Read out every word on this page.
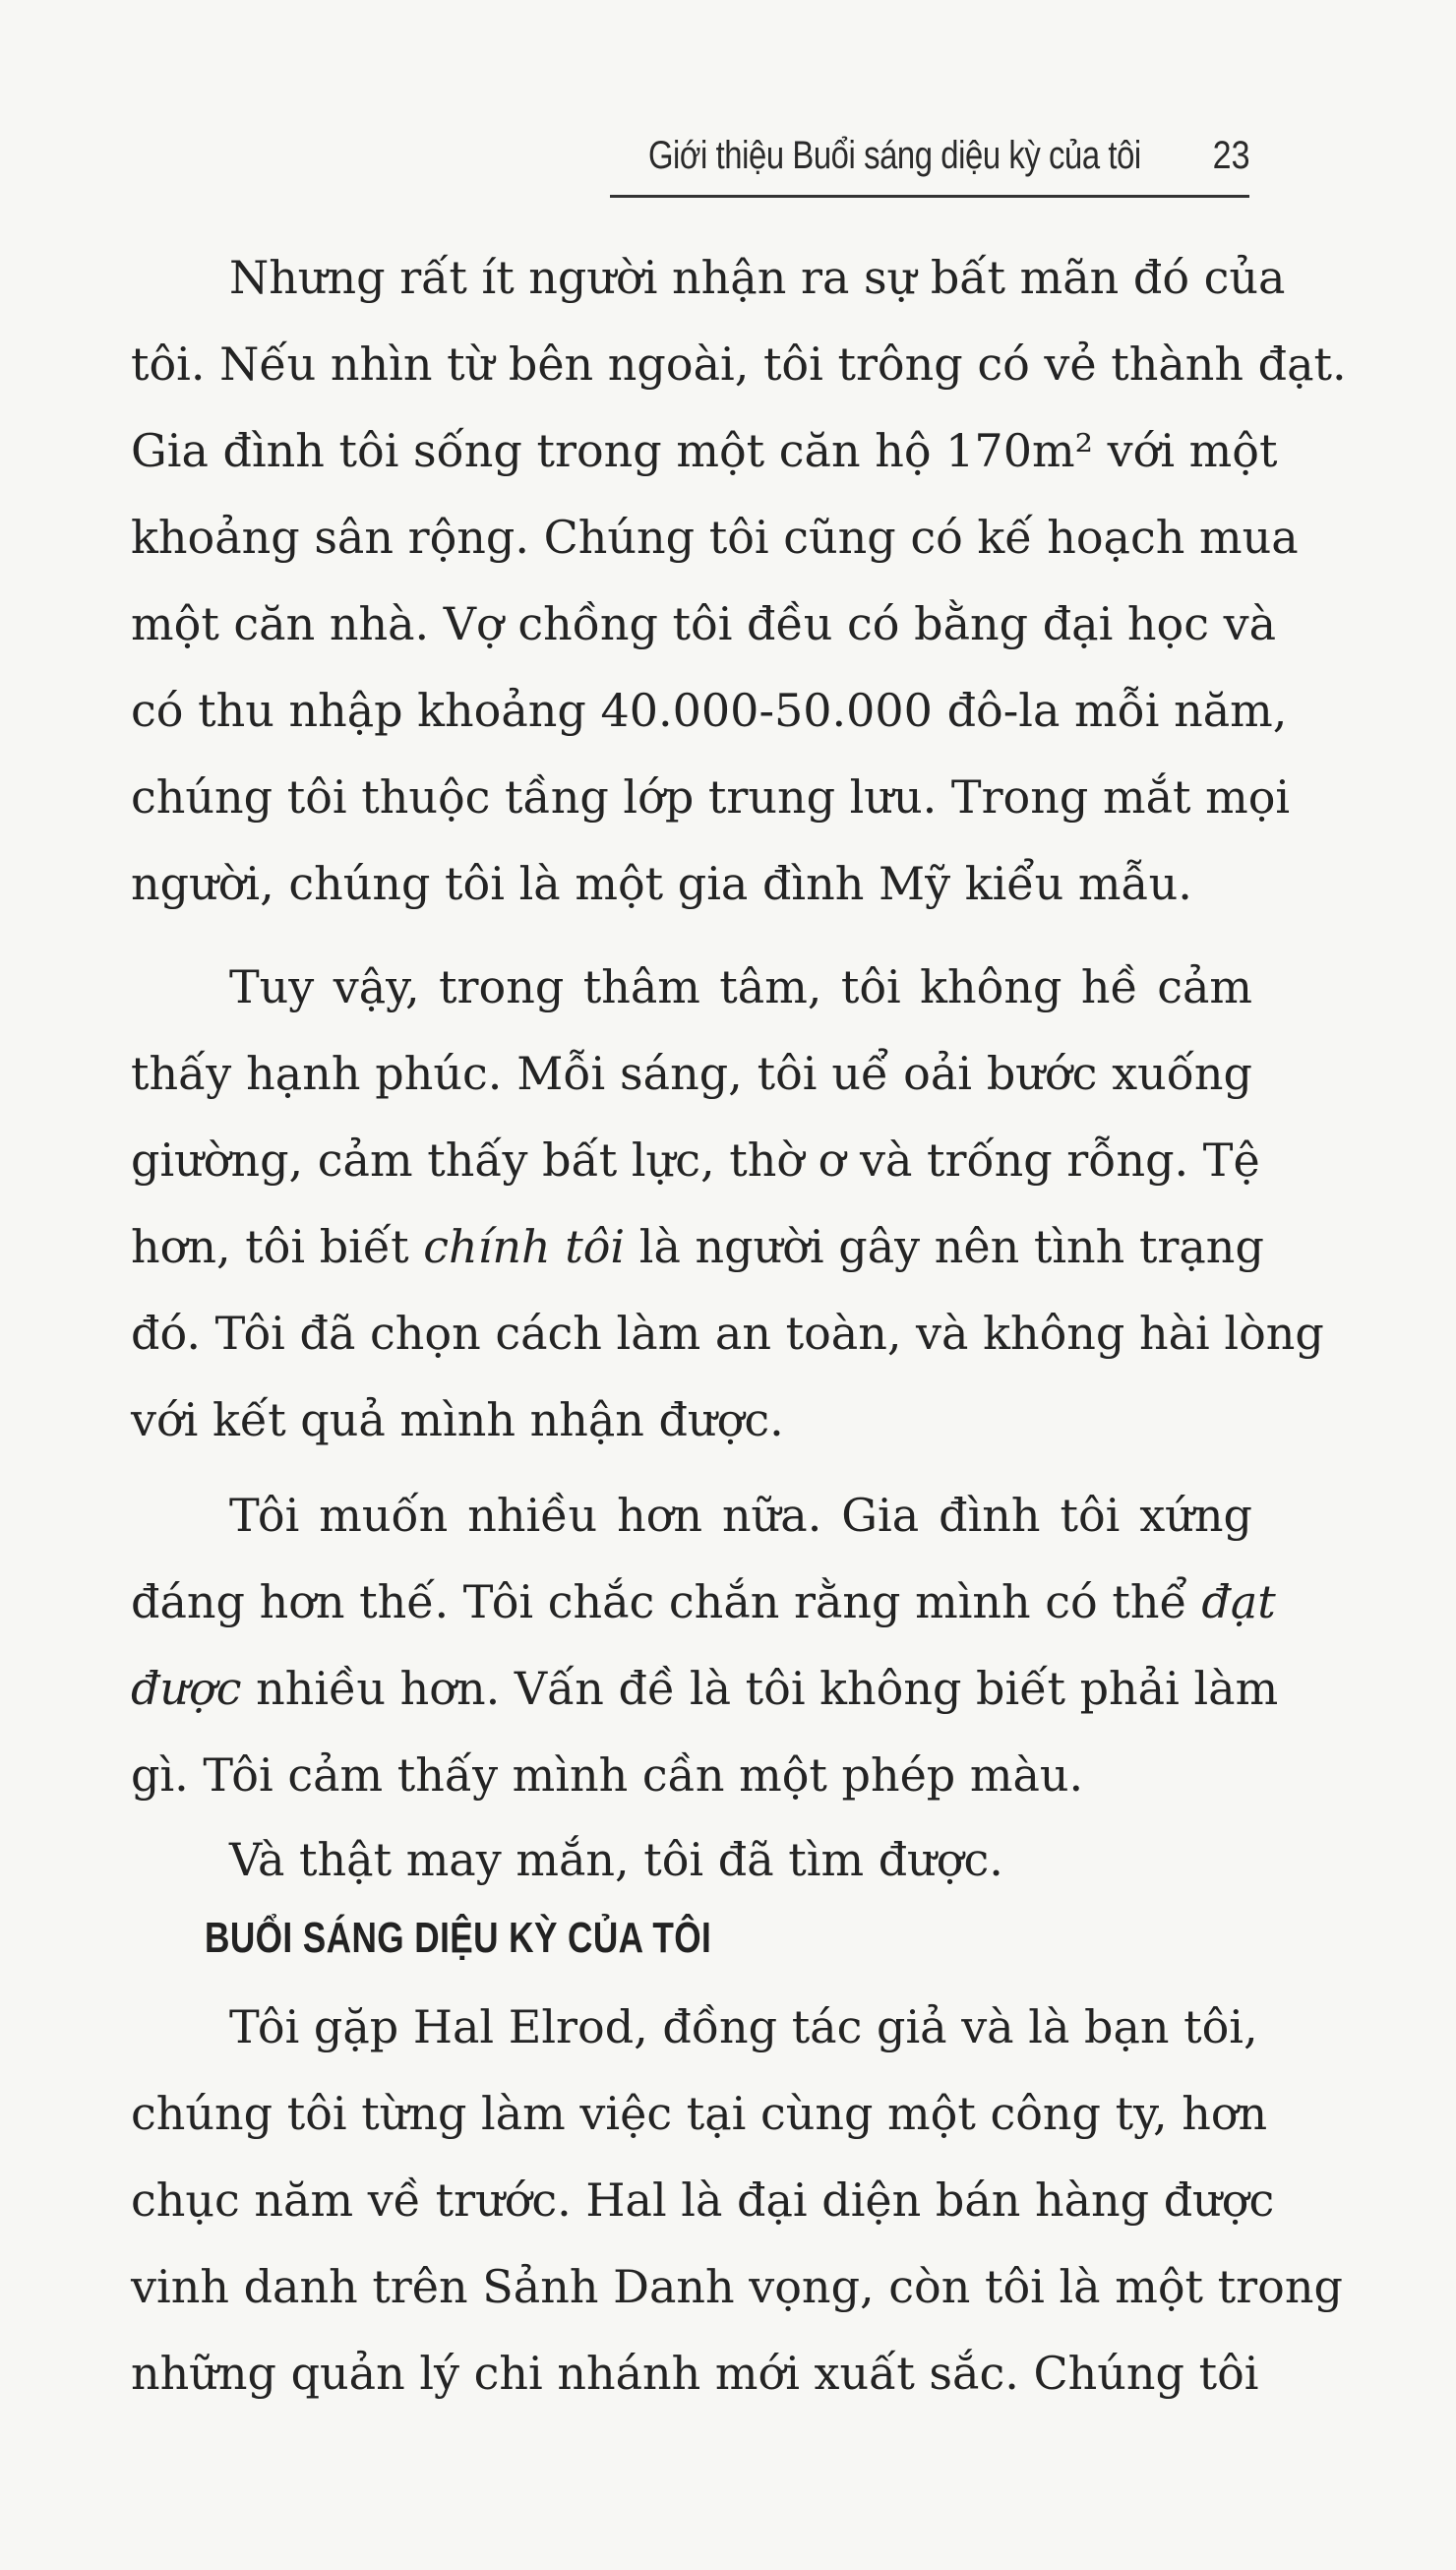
Giới thiệu Buổi sáng diệu kỳ của tôi 23
Nhưng rất ít người nhận ra sự bất mãn đó của
tôi. Nếu nhìn từ bên ngoài, tôi trông có vẻ thành đạt.
Gia đình tôi sống trong một căn hộ 170m² với một
khoảng sân rộng. Chúng tôi cũng có kế hoạch mua
một căn nhà. Vợ chồng tôi đều có bằng đại học và
có thu nhập khoảng 40.000-50.000 đô-la mỗi năm,
chúng tôi thuộc tầng lớp trung lưu. Trong mắt mọi
người, chúng tôi là một gia đình Mỹ kiểu mẫu.
Tuy vậy, trong thâm tâm, tôi không hề cảm
thấy hạnh phúc. Mỗi sáng, tôi uể oải bước xuống
giường, cảm thấy bất lực, thờ ơ và trống rỗng. Tệ
hơn, tôi biết chính tôi là người gây nên tình trạng
đó. Tôi đã chọn cách làm an toàn, và không hài lòng
với kết quả mình nhận được.
Tôi muốn nhiều hơn nữa. Gia đình tôi xứng
đáng hơn thế. Tôi chắc chắn rằng mình có thể đạt
được nhiều hơn. Vấn đề là tôi không biết phải làm
gì. Tôi cảm thấy mình cần một phép màu.
Và thật may mắn, tôi đã tìm được.
BUỔI SÁNG DIỆU KỲ CỦA TÔI
Tôi gặp Hal Elrod, đồng tác giả và là bạn tôi,
chúng tôi từng làm việc tại cùng một công ty, hơn
chục năm về trước. Hal là đại diện bán hàng được
vinh danh trên Sảnh Danh vọng, còn tôi là một trong
những quản lý chi nhánh mới xuất sắc. Chúng tôi
